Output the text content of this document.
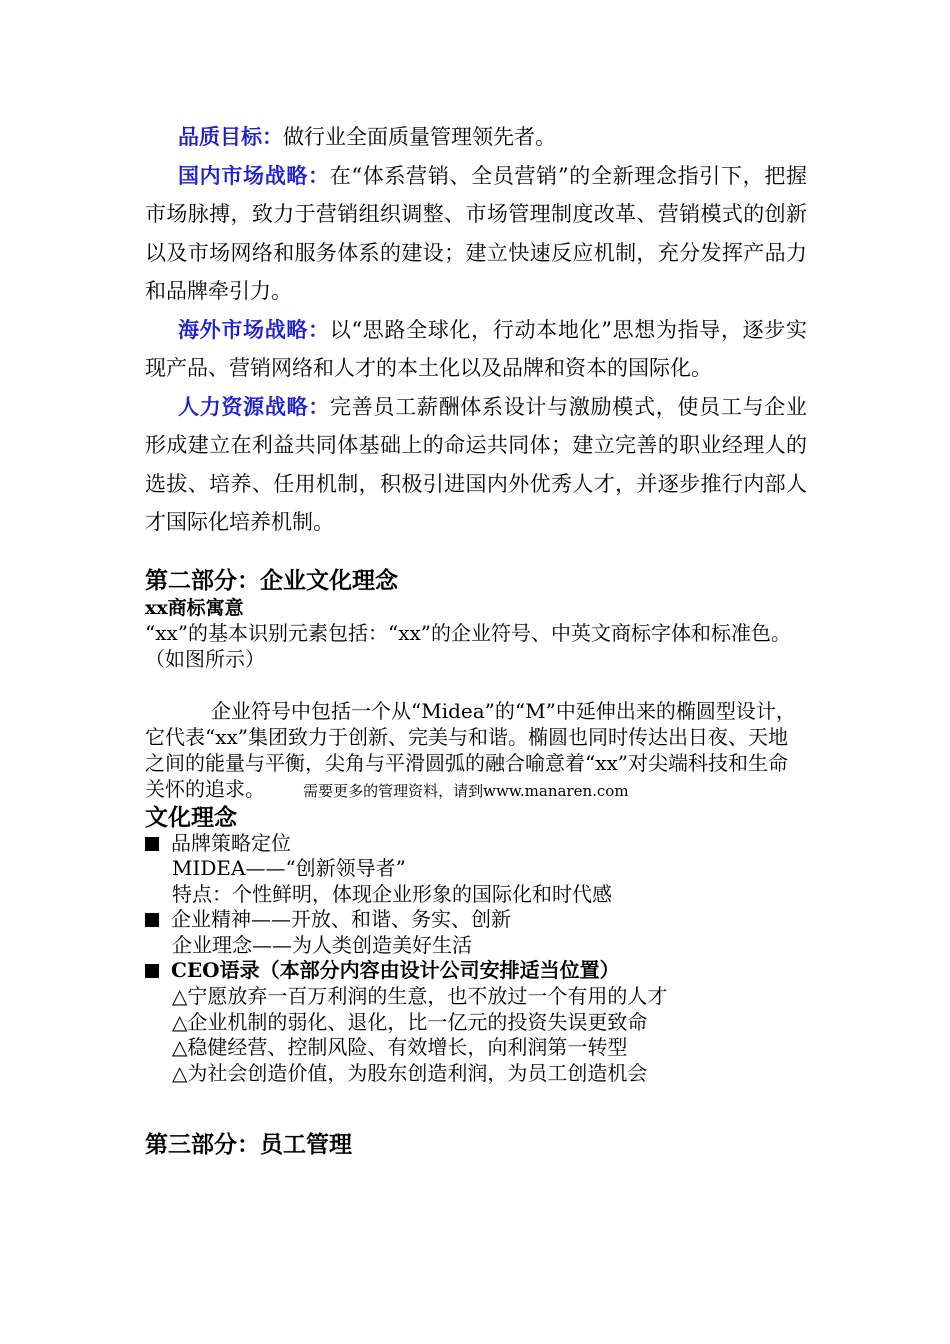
品质目标：做行业全面质量管理领先者。

国内市场战略：在“体系营销、全员营销”的全新理念指引下，把握市场脉搏，致力于营销组织调整、市场管理制度改革、营销模式的创新以及市场网络和服务体系的建设；建立快速反应机制，充分发挥产品力和品牌牵引力。

海外市场战略：以“思路全球化，行动本地化”思想为指导，逐步实现产品、营销网络和人才的本土化以及品牌和资本的国际化。

人力资源战略：完善员工薪酬体系设计与激励模式，使员工与企业形成建立在利益共同体基础上的命运共同体；建立完善的职业经理人的选拔、培养、任用机制，积极引进国内外优秀人才，并逐步推行内部人才国际化培养机制。

第二部分：企业文化理念
xx商标寓意

“xx”的基本识别元素包括：“xx”的企业符号、中英文商标字体和标准色。（如图所示）

企业符号中包括一个从“Midea”的“M”中延伸出来的椭圆型设计，它代表“xx”集团致力于创新、完美与和谐。椭圆也同时传达出日夜、天地之间的能量与平衡，尖角与平滑圆弧的融合喻意着“xx”对尖端科技和生命关怀的追求。	需要更多的管理资料，请到www.manaren.com

文化理念

品牌策略定位

MIDEA——“创新领导者”

特点：个性鲜明，体现企业形象的国际化和时代感

企业精神——开放、和谐、务实、创新

企业理念——为人类创造美好生活

CEO语录（本部分内容由设计公司安排适当位置）

△宁愿放弃一百万利润的生意，也不放过一个有用的人才

△企业机制的弱化、退化，比一亿元的投资失误更致命

△稳健经营、控制风险、有效增长，向利润第一转型

△为社会创造价值，为股东创造利润，为员工创造机会

第三部分：员工管理
